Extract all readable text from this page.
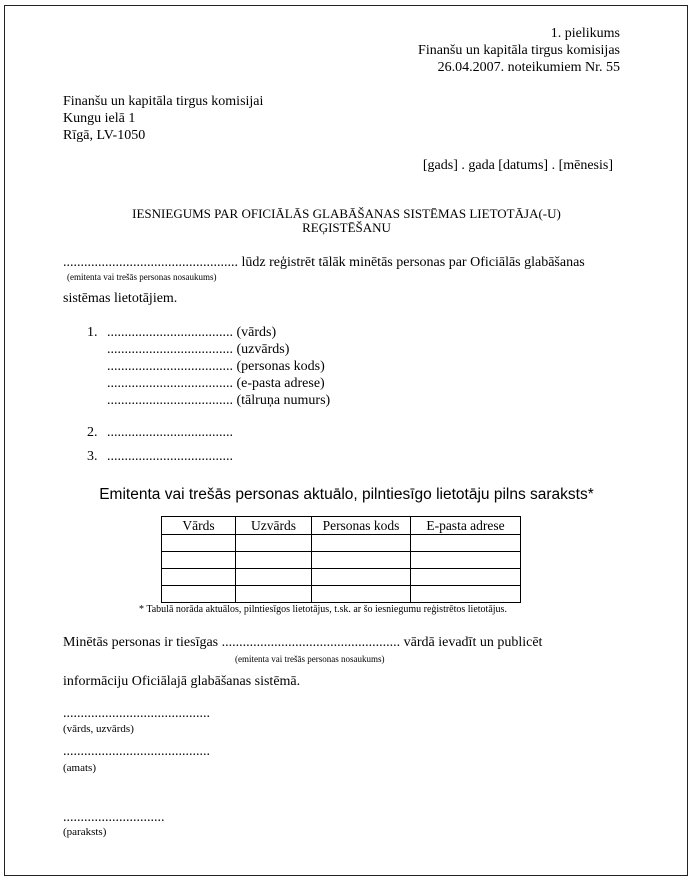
1. pielikums
Finanšu un kapitāla tirgus komisijas
26.04.2007. noteikumiem Nr. 55
Finanšu un kapitāla tirgus komisijai
Kungu ielā 1
Rīgā, LV-1050
[gads] . gada [datums] . [mēnesis]
IESNIEGUMS PAR OFICIĀLĀS GLABĀŠANAS SISTĒMAS LIETOTĀJA(-U)
REĢISTĒŠANU
.................................................. lūdz reģistrēt tālāk minētās personas par Oficiālās glabāšanas
(emitenta vai trešās personas nosaukums)
sistēmas lietotājiem.
1. .................................... (vārds)
.................................... (uzvārds)
.................................... (personas kods)
.................................... (e-pasta adrese)
.................................... (tālruņa numurs)
2. ....................................
3. ....................................
Emitenta vai trešās personas aktuālo, pilntiesīgo lietotāju pilns saraksts*
Vārds	Uzvārds	Personas kods	E-pasta adrese

* Tabulā norāda aktuālos, pilntiesīgos lietotājus, t.sk. ar šo iesniegumu reģistrētos lietotājus.
Minētās personas ir tiesīgas ................................................... vārdā ievadīt un publicēt
(emitenta vai trešās personas nosaukums)
informāciju Oficiālajā glabāšanas sistēmā.
..........................................
(vārds, uzvārds)
..........................................
(amats)
.............................
(paraksts)
